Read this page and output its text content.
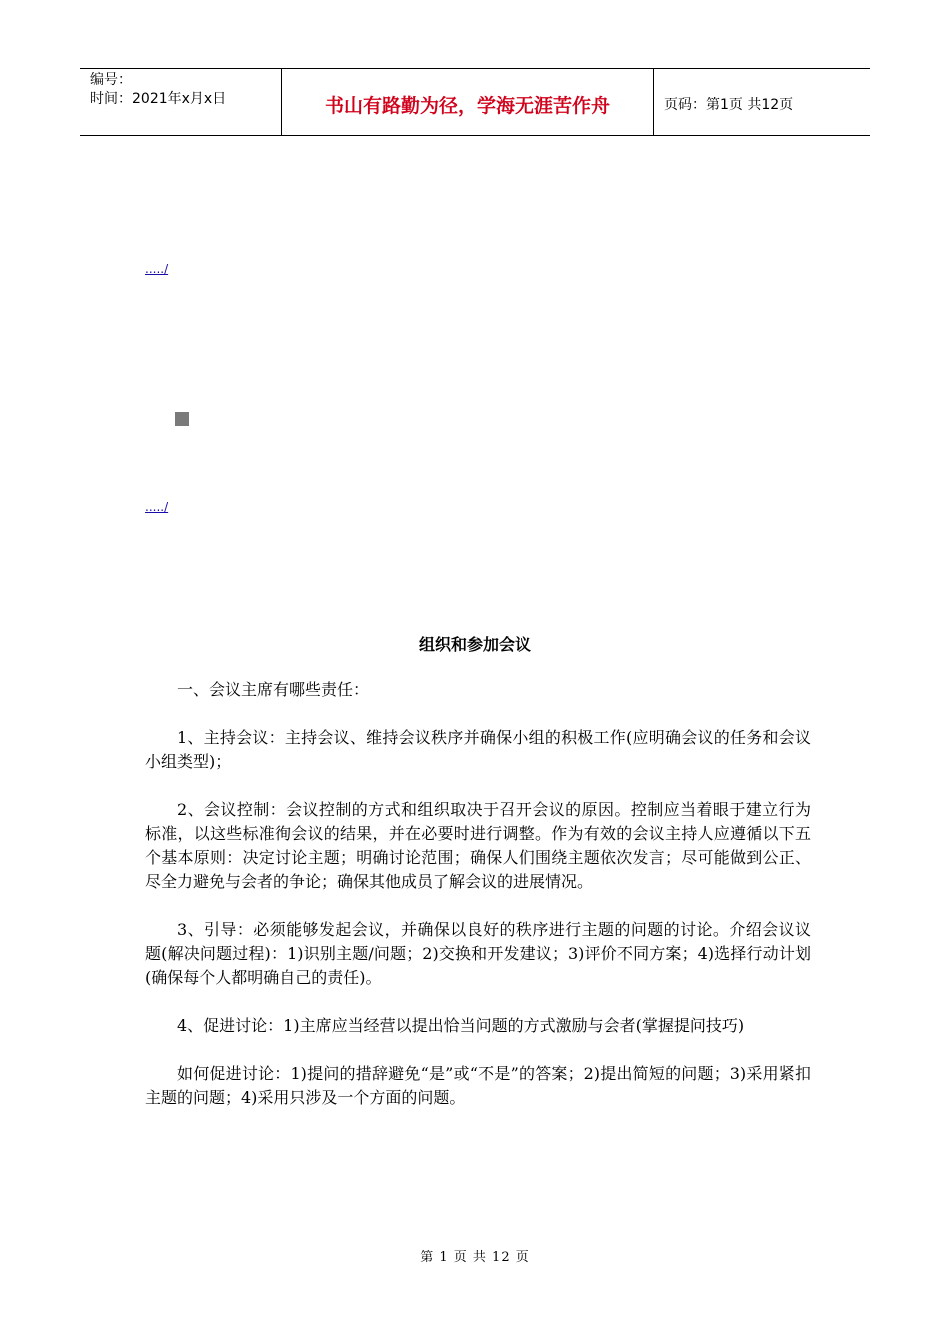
编号：
时间：2021年x月x日	书山有路勤为径，学海无涯苦作舟	页码：第1页 共12页
...../
...../
组织和参加会议

一、会议主席有哪些责任：

1、主持会议：主持会议、维持会议秩序并确保小组的积极工作(应明确会议的任务和会议小组类型)；

2、会议控制：会议控制的方式和组织取决于召开会议的原因。控制应当着眼于建立行为标准，以这些标准徇会议的结果，并在必要时进行调整。作为有效的会议主持人应遵循以下五个基本原则：决定讨论主题；明确讨论范围；确保人们围绕主题依次发言；尽可能做到公正、尽全力避免与会者的争论；确保其他成员了解会议的进展情况。

3、引导：必须能够发起会议，并确保以良好的秩序进行主题的问题的讨论。介绍会议议题(解决问题过程)：1)识别主题/问题；2)交换和开发建议；3)评价不同方案；4)选择行动计划(确保每个人都明确自己的责任)。

4、促进讨论：1)主席应当经营以提出恰当问题的方式激励与会者(掌握提问技巧)

如何促进讨论：1)提问的措辞避免“是”或“不是”的答案；2)提出简短的问题；3)采用紧扣主题的问题；4)采用只涉及一个方面的问题。

第 1 页 共 12 页
